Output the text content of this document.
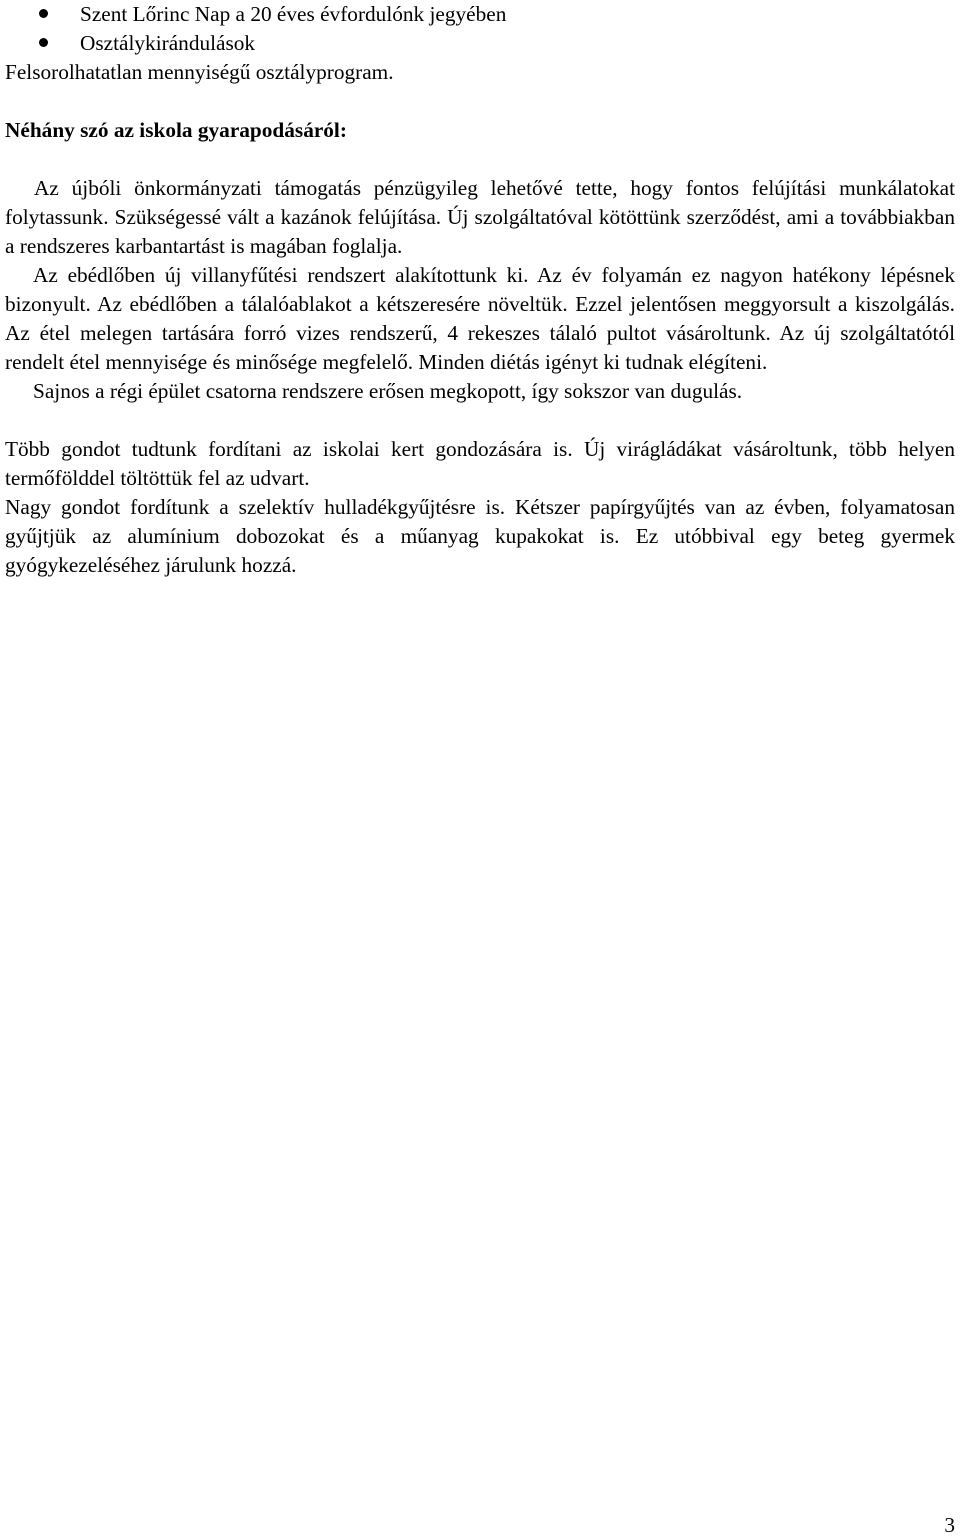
Szent Lőrinc Nap a 20 éves évfordulónk jegyében
Osztálykirándulások

Felsorolhatatlan mennyiségű osztályprogram.

Néhány szó az iskola gyarapodásáról:

Az újbóli önkormányzati támogatás pénzügyileg lehetővé tette, hogy fontos felújítási munkálatokat folytassunk. Szükségessé vált a kazánok felújítása. Új szolgáltatóval kötöttünk szerződést, ami a továbbiakban a rendszeres karbantartást is magában foglalja.

Az ebédlőben új villanyfűtési rendszert alakítottunk ki. Az év folyamán ez nagyon hatékony lépésnek bizonyult. Az ebédlőben a tálalóablakot a kétszeresére növeltük. Ezzel jelentősen meggyorsult a kiszolgálás. Az étel melegen tartására forró vizes rendszerű, 4 rekeszes tálaló pultot vásároltunk. Az új szolgáltatótól rendelt étel mennyisége és minősége megfelelő. Minden diétás igényt ki tudnak elégíteni.

Sajnos a régi épület csatorna rendszere erősen megkopott, így sokszor van dugulás.

Több gondot tudtunk fordítani az iskolai kert gondozására is. Új virágládákat vásároltunk, több helyen termőfölddel töltöttük fel az udvart.

Nagy gondot fordítunk a szelektív hulladékgyűjtésre is. Kétszer papírgyűjtés van az évben, folyamatosan gyűjtjük az alumínium dobozokat és a műanyag kupakokat is. Ez utóbbival egy beteg gyermek gyógykezeléséhez járulunk hozzá.

3
